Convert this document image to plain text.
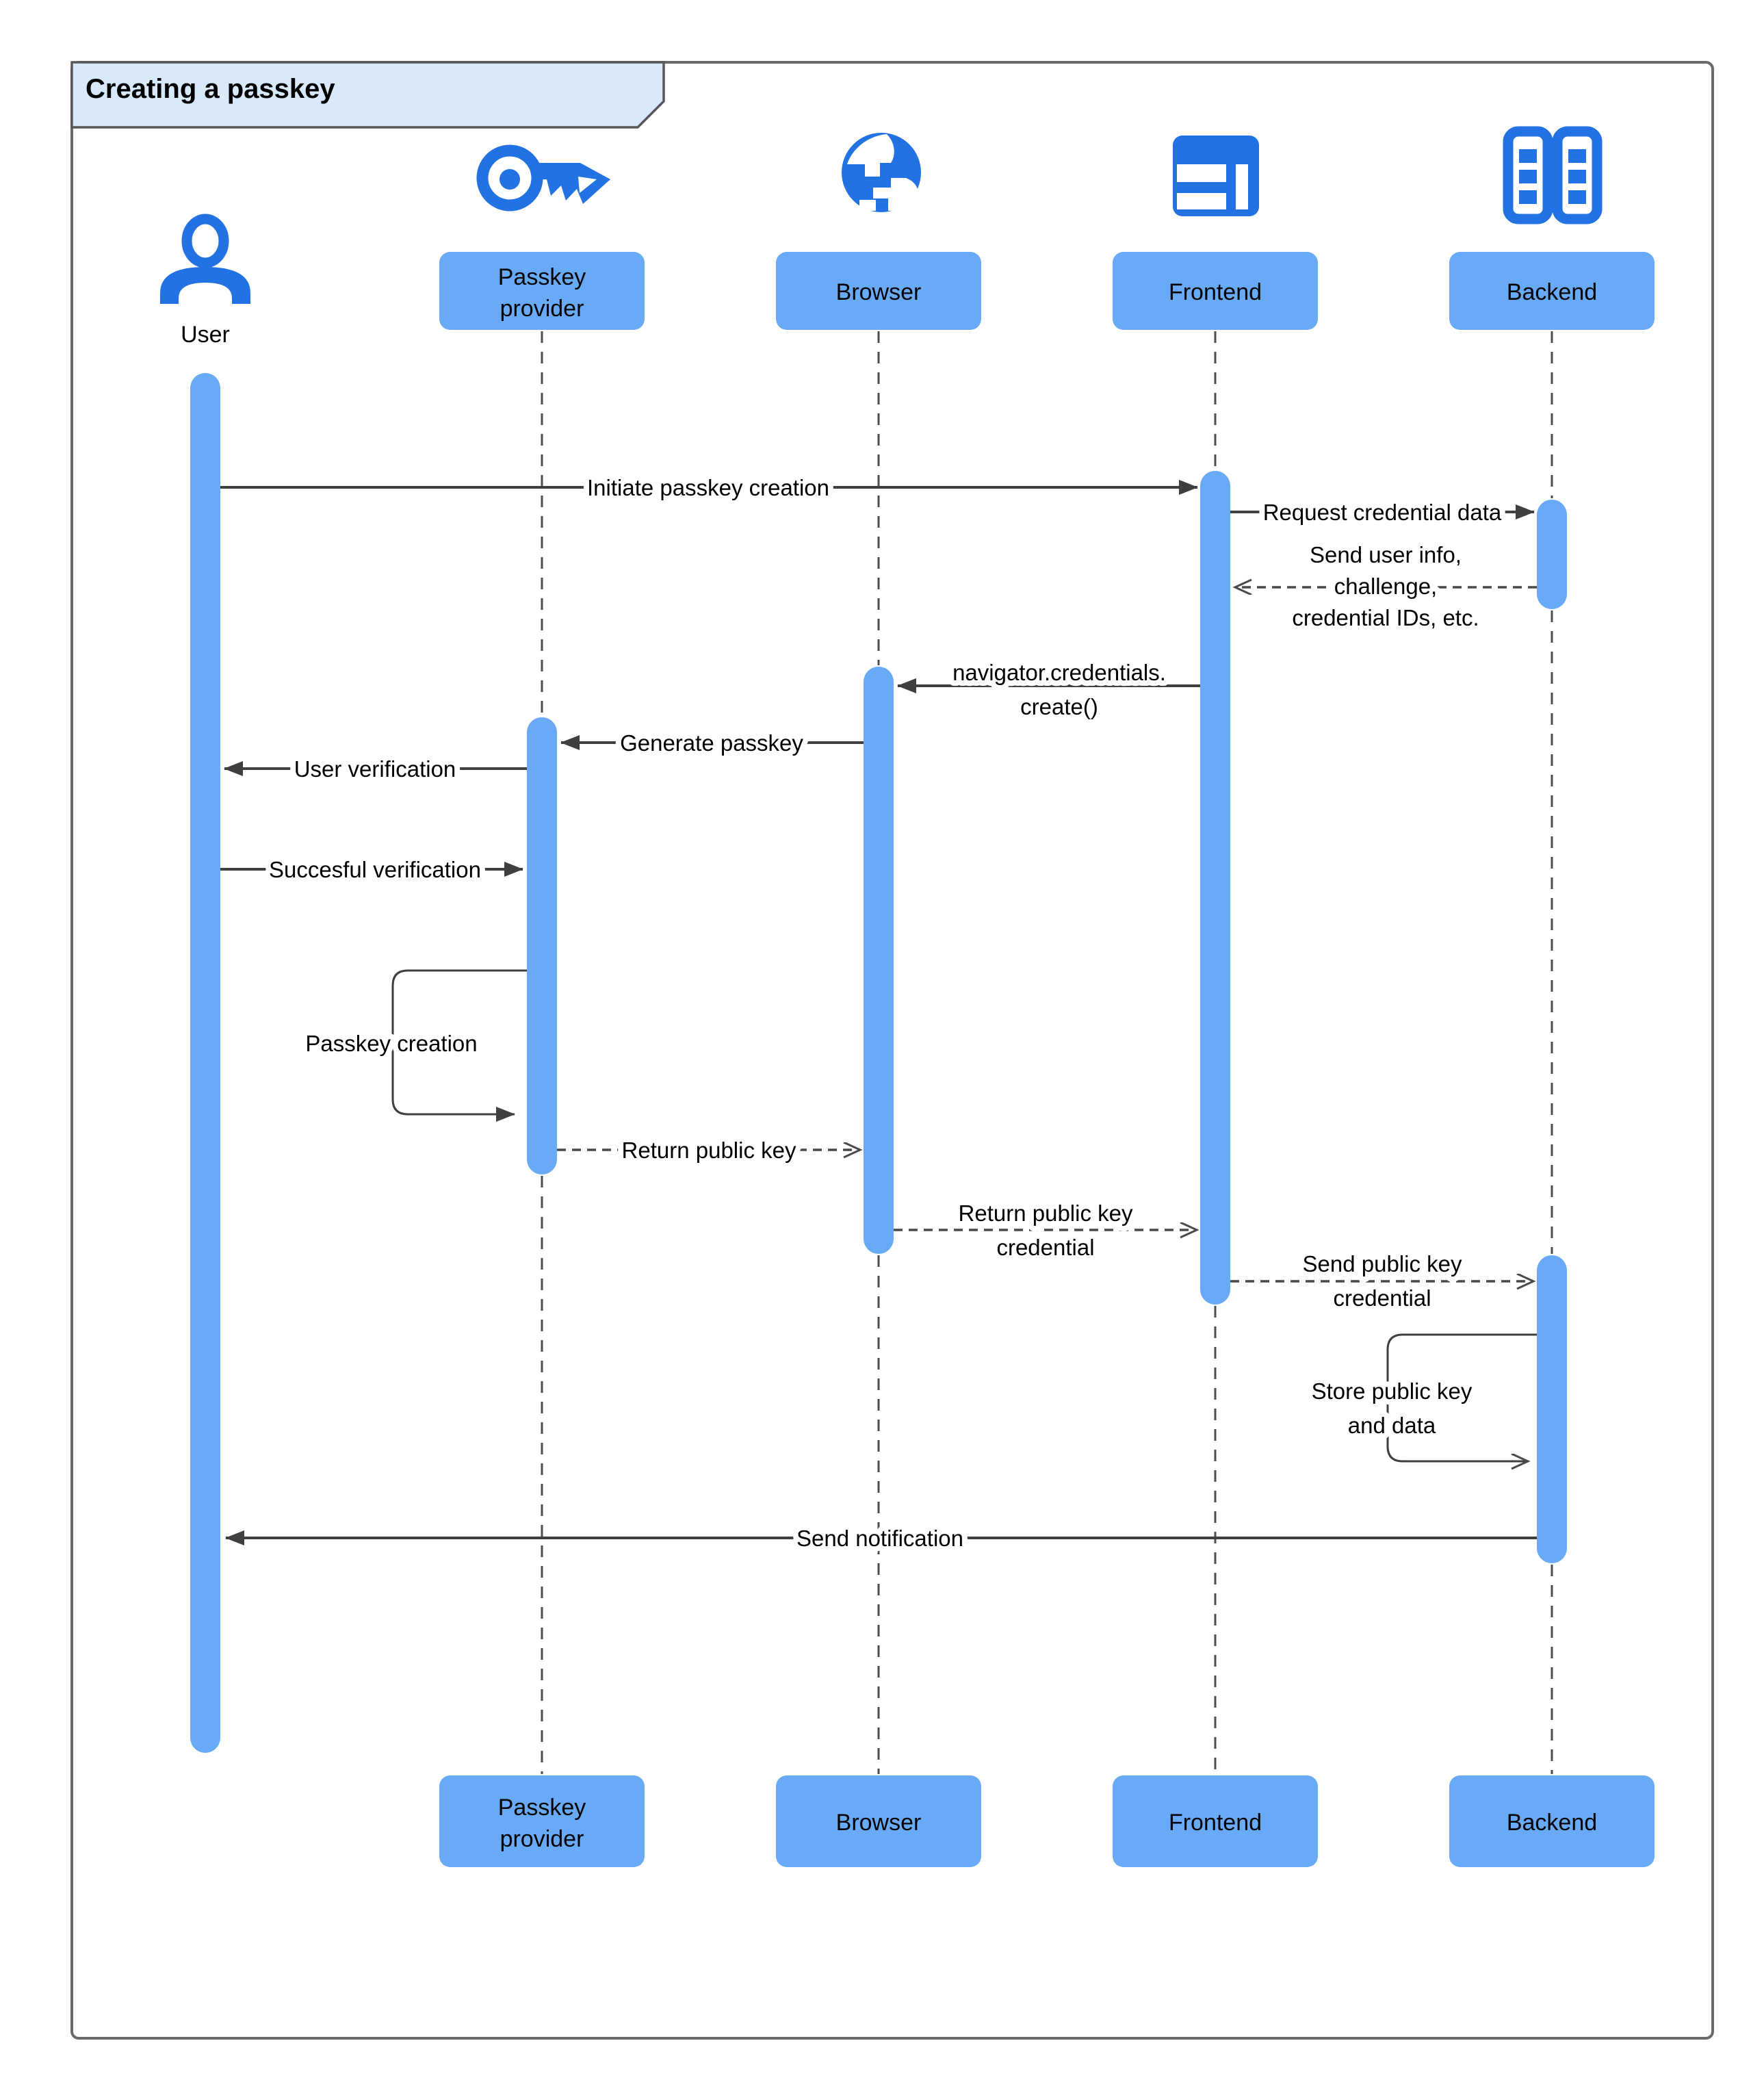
Creating a passkey
User
Passkey
provider
Browser	Frontend	Backend
Initiate passkey creation
Request credential data
Send user info,
challenge,
credential IDs, etc.
navigator.credentials.
create()
Generate passkey
User verification
Succesful verification
Passkey creation
Return public key
Return public key
credential
Send public key
credential
Store public key
and data
Send notification
Passkey
provider
Browser	Frontend	Backend
